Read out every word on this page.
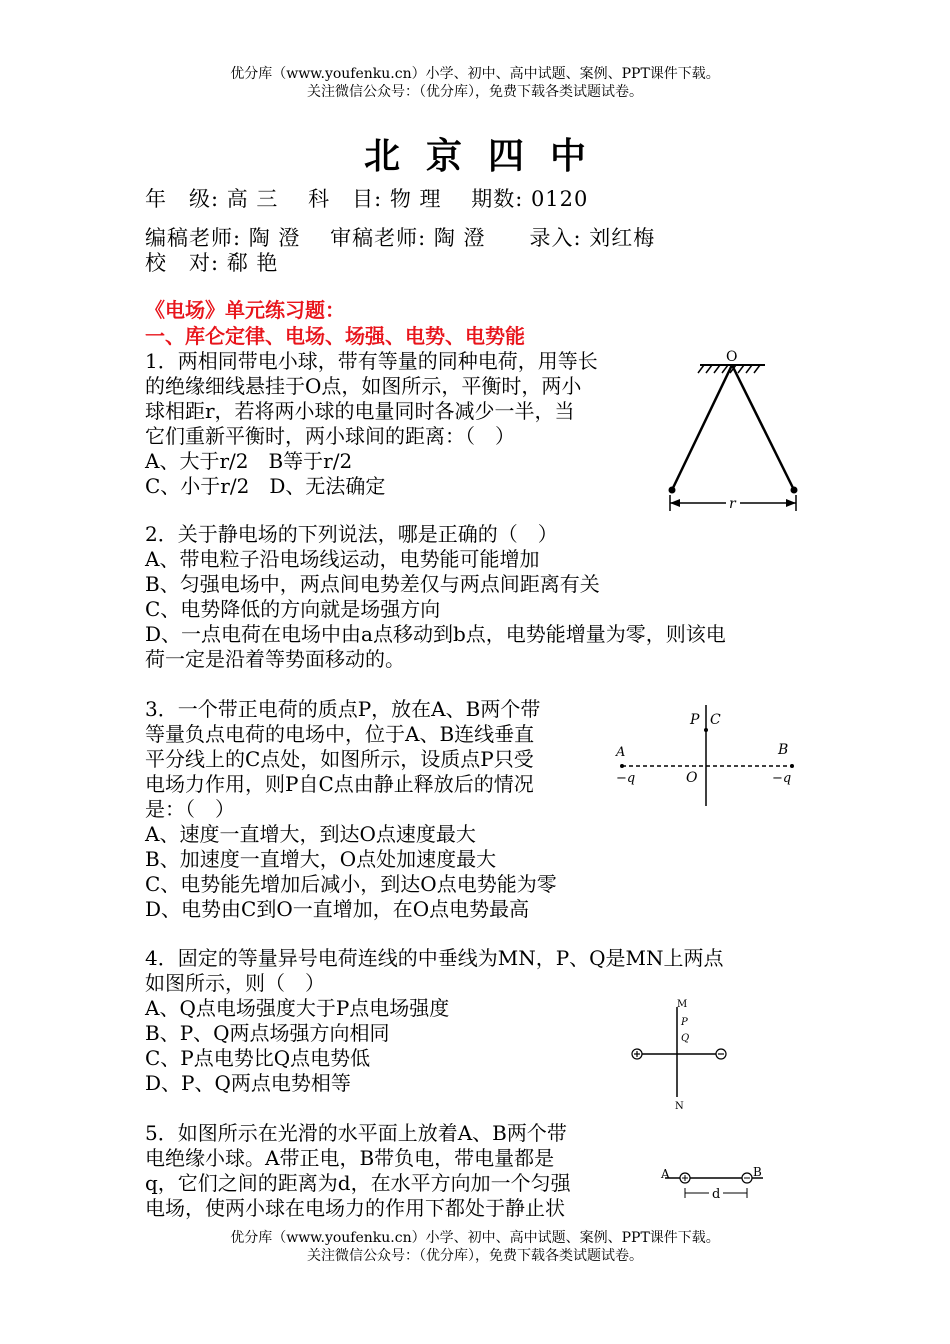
优分库（www.youfenku.cn）小学、初中、高中试题、案例、PPT课件下载。
关注微信公众号：（优分库），免费下载各类试题试卷。
北京四中
年　级: 高 三　 科　目: 物 理　 期数: 0120
编稿老师: 陶 澄　 审稿老师: 陶 澄　　录入: 刘红梅
校　对: 郗 艳
《电场》单元练习题：
一、库仑定律、电场、场强、电势、电势能
1．两相同带电小球，带有等量的同种电荷，用等长
的绝缘细线悬挂于O点，如图所示，平衡时，两小
球相距r，若将两小球的电量同时各减少一半，当
它们重新平衡时，两小球间的距离：（　）
A、大于r/2　B等于r/2
C、小于r/2　D、无法确定
O
r
2．关于静电场的下列说法，哪是正确的（　）
A、带电粒子沿电场线运动，电势能可能增加
B、匀强电场中，两点间电势差仅与两点间距离有关
C、电势降低的方向就是场强方向
D、一点电荷在电场中由a点移动到b点，电势能增量为零，则该电
荷一定是沿着等势面移动的。
3．一个带正电荷的质点P，放在A、B两个带
等量负点电荷的电场中，位于A、B连线垂直
平分线上的C点处，如图所示，设质点P只受
电场力作用，则P自C点由静止释放后的情况
是：（　）
A、速度一直增大，到达O点速度最大
B、加速度一直增大，O点处加速度最大
C、电势能先增加后减小，到达O点电势能为零
D、电势由C到O一直增加，在O点电势最高
P C
A	B
−q	−q
O
4．固定的等量异号电荷连线的中垂线为MN，P、Q是MN上两点
如图所示，则（　）
A、Q点电场强度大于P点电场强度
B、P、Q两点场强方向相同
C、P点电势比Q点电势低
D、P、Q两点电势相等
M
P
Q
N
5．如图所示在光滑的水平面上放着A、B两个带
电绝缘小球。A带正电，B带负电，带电量都是
q，它们之间的距离为d，在水平方向加一个匀强
电场，使两小球在电场力的作用下都处于静止状
A	B
d
优分库（www.youfenku.cn）小学、初中、高中试题、案例、PPT课件下载。
关注微信公众号：（优分库），免费下载各类试题试卷。
